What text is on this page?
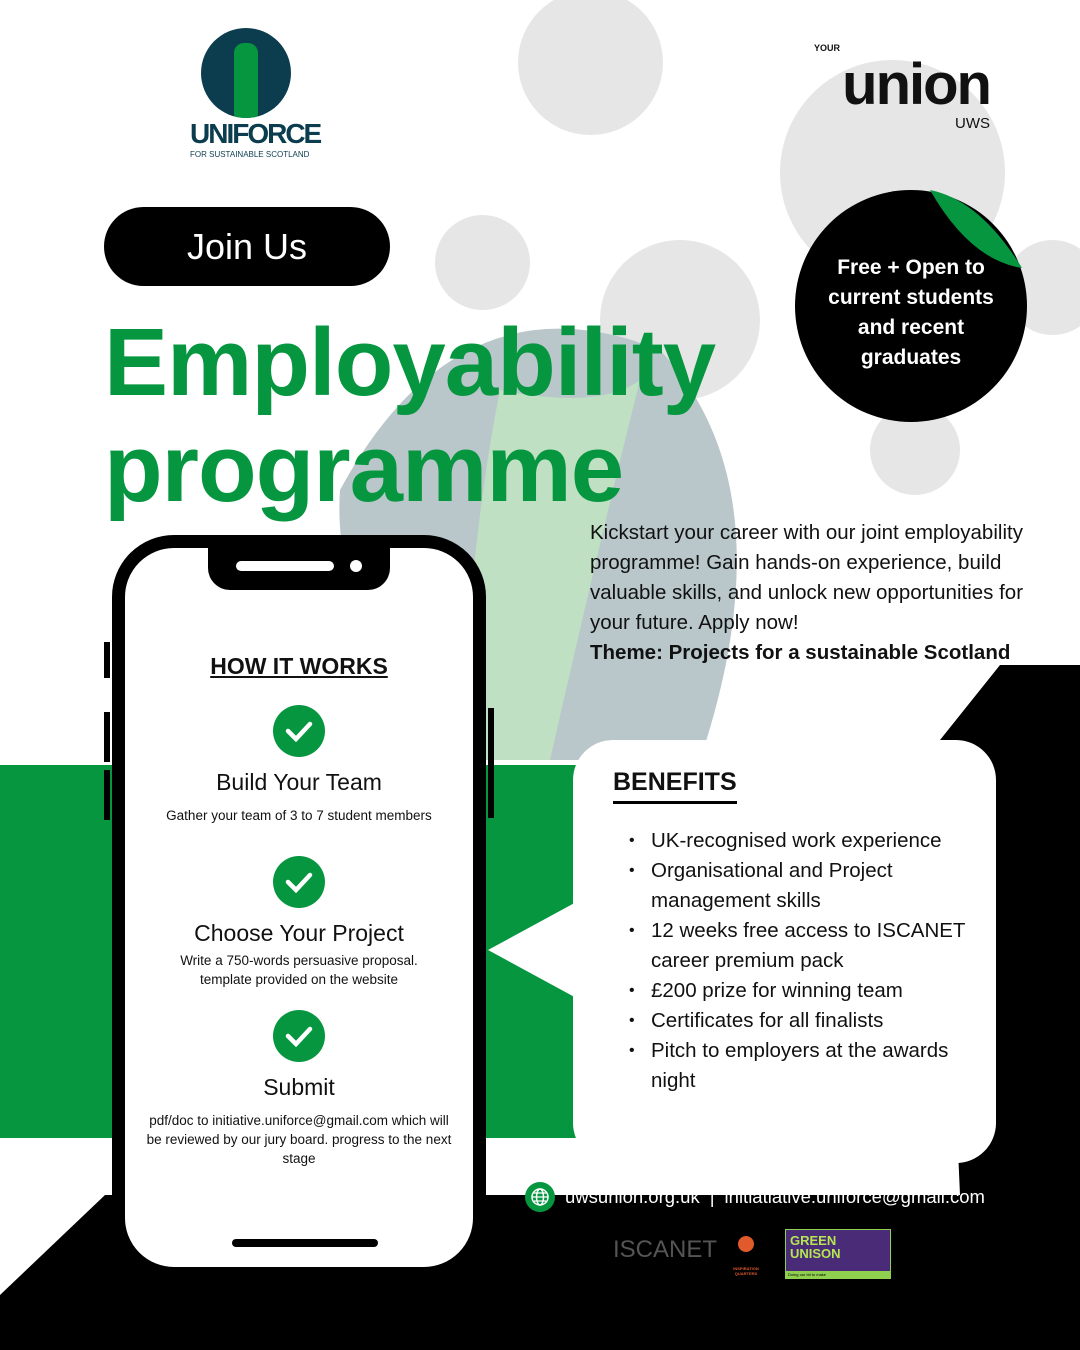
UNIFORCE
FOR SUSTAINABLE SCOTLAND
YOUR
union
UWS
Join Us
Employability
programme
Free + Open to current students and recent graduates
Kickstart your career with our joint employability programme! Gain hands-on experience, build valuable skills, and unlock new opportunities for your future. Apply now!
Theme: Projects for a sustainable Scotland
HOW IT WORKS
Build Your Team
Gather your team of 3 to 7 student members
Choose Your Project
Write a 750-words persuasive proposal. template provided on the website
Submit
pdf/doc to initiative.uniforce@gmail.com which will be reviewed by our jury board. progress to the next stage
BENEFITS
• UK-recognised work experience
• Organisational and Project management skills
• 12 weeks free access to ISCANET career premium pack
• £200 prize for winning team
• Certificates for all finalists
• Pitch to employers at the awards night
uwsunion.org.uk | initiatiative.uniforce@gmail.com
ISCANET
INSPIRATION QUARTERS
GREEN UNISON
Doing our bit to make
